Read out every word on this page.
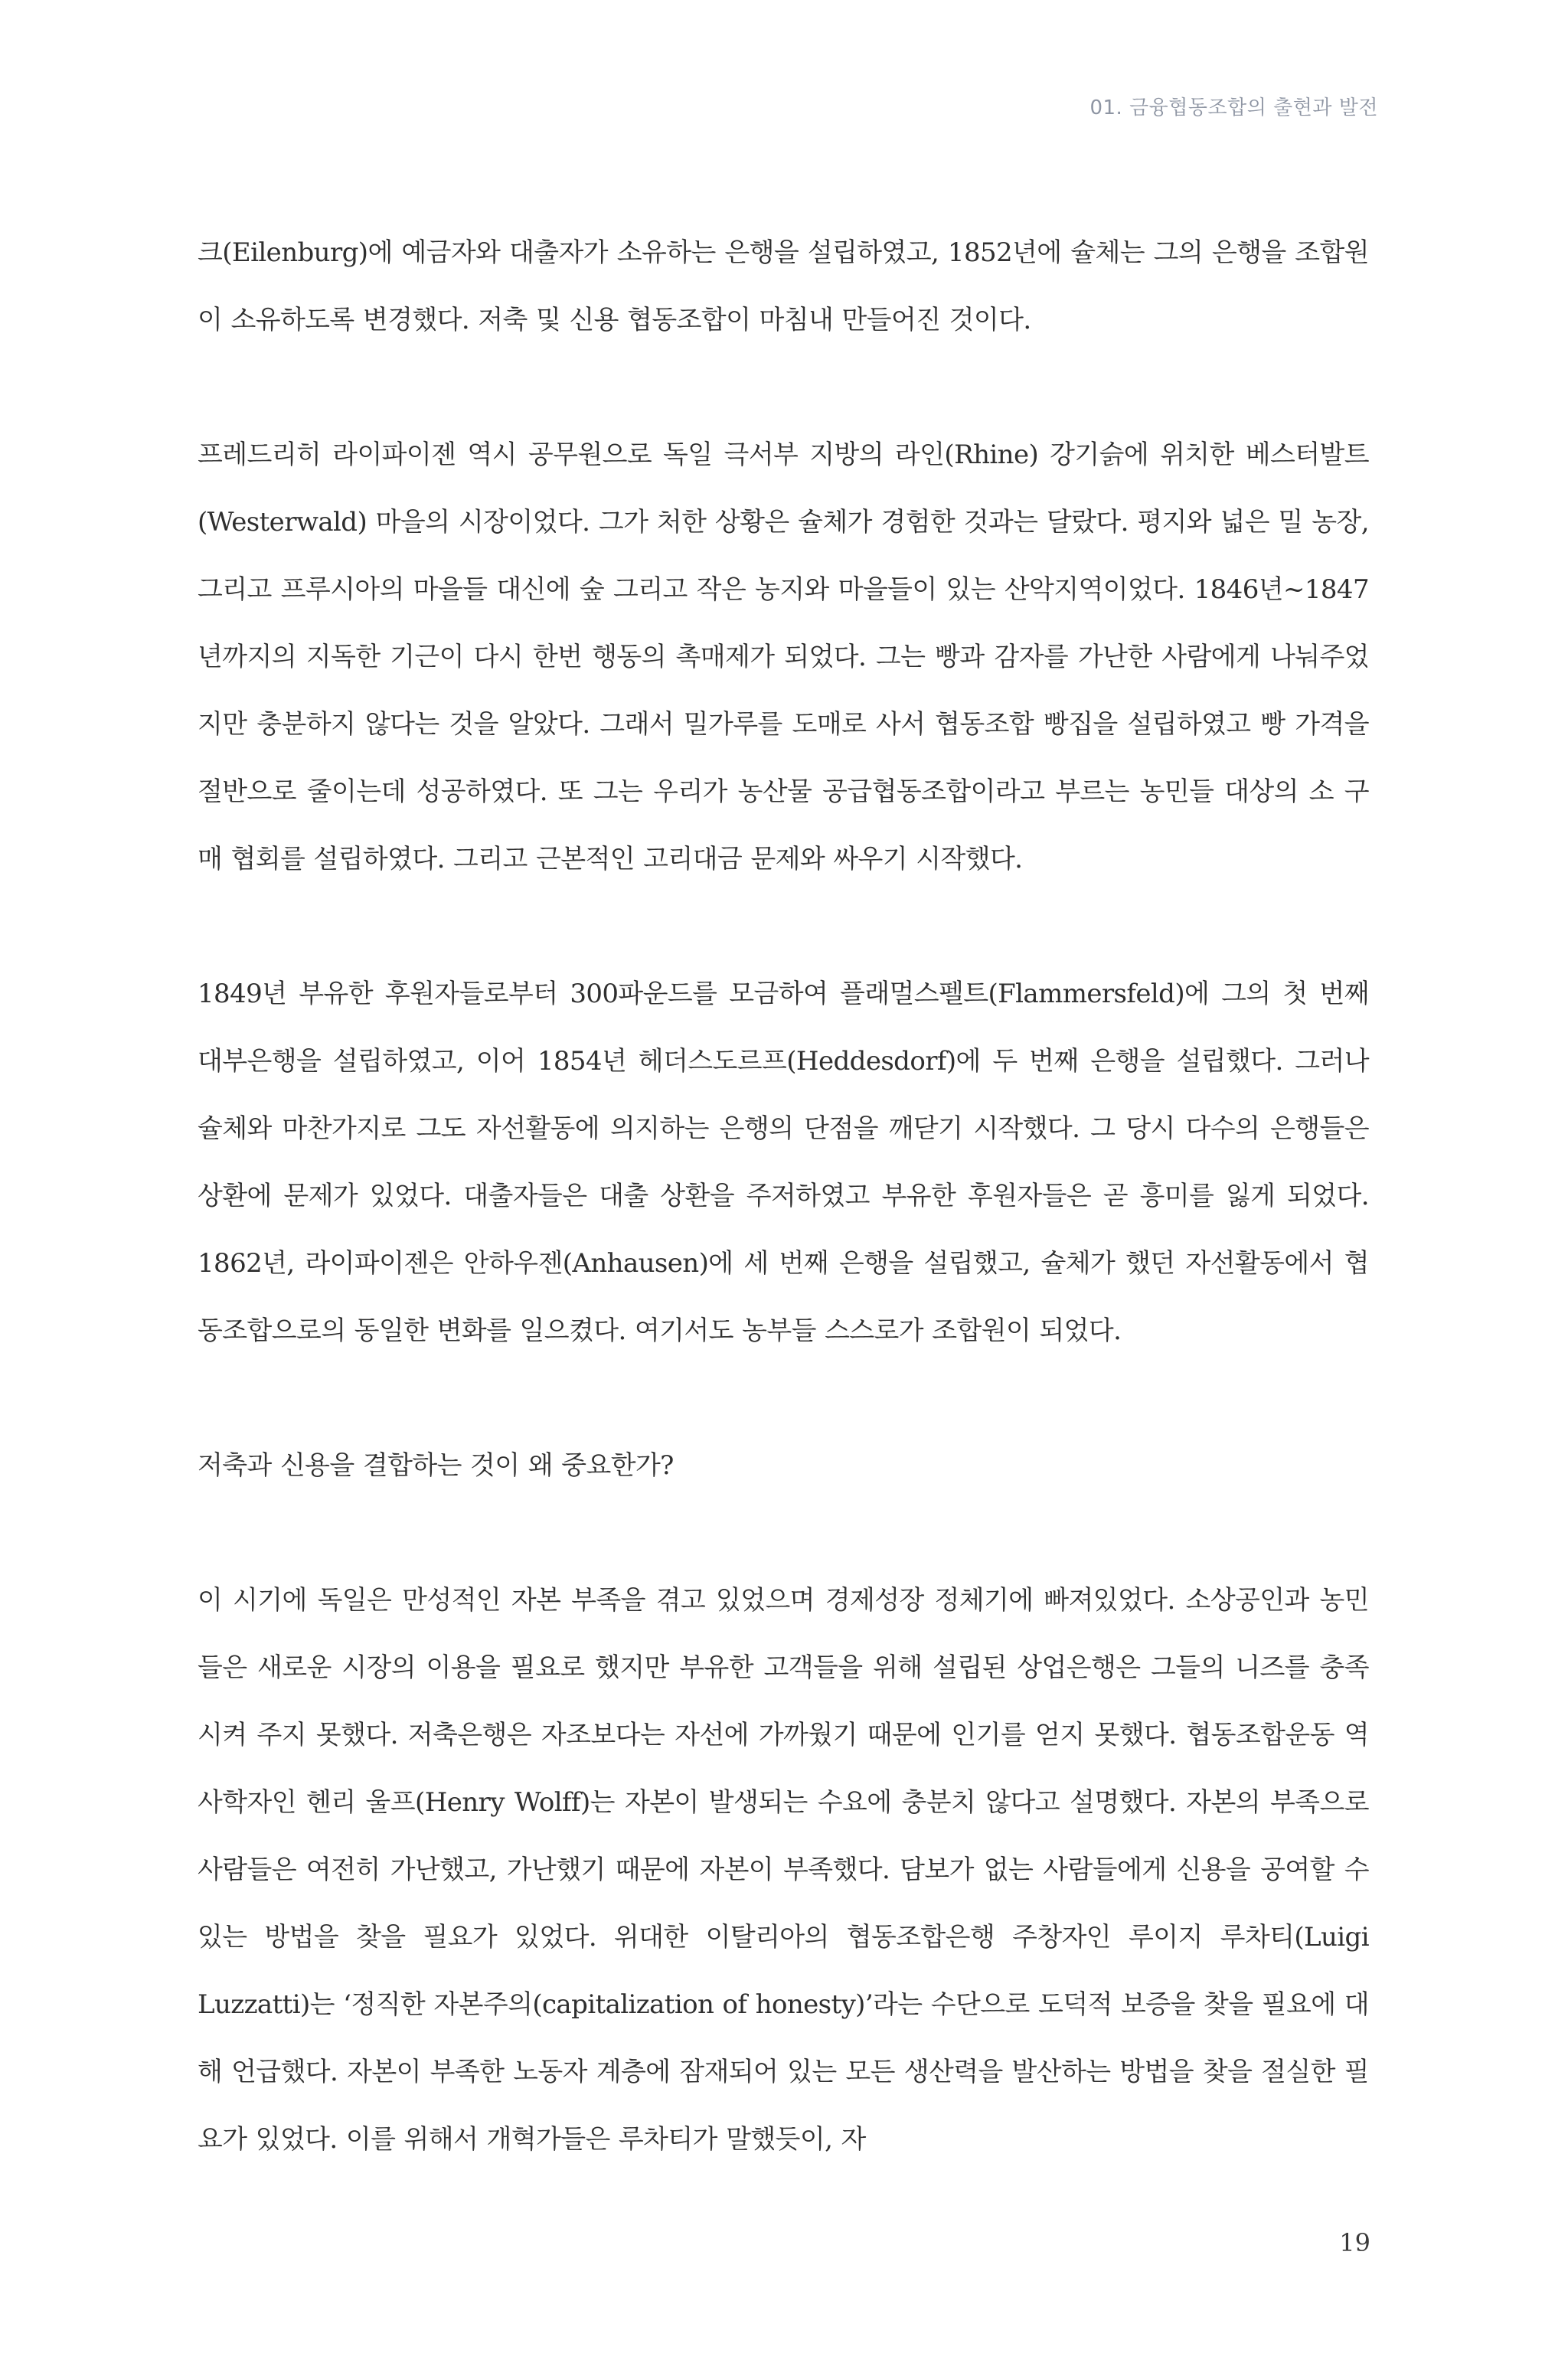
01. 금융협동조합의 출현과 발전

크(Eilenburg)에 예금자와 대출자가 소유하는 은행을 설립하였고, 1852년에 슐체는 그의 은행을 조합원이 소유하도록 변경했다. 저축 및 신용 협동조합이 마침내 만들어진 것이다.

프레드리히 라이파이젠 역시 공무원으로 독일 극서부 지방의 라인(Rhine) 강기슭에 위치한 베스터발트(Westerwald) 마을의 시장이었다. 그가 처한 상황은 슐체가 경험한 것과는 달랐다. 평지와 넓은 밀 농장, 그리고 프루시아의 마을들 대신에 숲 그리고 작은 농지와 마을들이 있는 산악지역이었다. 1846년~1847년까지의 지독한 기근이 다시 한번 행동의 촉매제가 되었다. 그는 빵과 감자를 가난한 사람에게 나눠주었지만 충분하지 않다는 것을 알았다. 그래서 밀가루를 도매로 사서 협동조합 빵집을 설립하였고 빵 가격을 절반으로 줄이는데 성공하였다. 또 그는 우리가 농산물 공급협동조합이라고 부르는 농민들 대상의 소 구매 협회를 설립하였다. 그리고 근본적인 고리대금 문제와 싸우기 시작했다.

1849년 부유한 후원자들로부터 300파운드를 모금하여 플래멀스펠트(Flammersfeld)에 그의 첫 번째 대부은행을 설립하였고, 이어 1854년 헤더스도르프(Heddesdorf)에 두 번째 은행을 설립했다. 그러나 슐체와 마찬가지로 그도 자선활동에 의지하는 은행의 단점을 깨닫기 시작했다. 그 당시 다수의 은행들은 상환에 문제가 있었다. 대출자들은 대출 상환을 주저하였고 부유한 후원자들은 곧 흥미를 잃게 되었다. 1862년, 라이파이젠은 안하우젠(Anhausen)에 세 번째 은행을 설립했고, 슐체가 했던 자선활동에서 협동조합으로의 동일한 변화를 일으켰다. 여기서도 농부들 스스로가 조합원이 되었다.

저축과 신용을 결합하는 것이 왜 중요한가?

이 시기에 독일은 만성적인 자본 부족을 겪고 있었으며 경제성장 정체기에 빠져있었다. 소상공인과 농민들은 새로운 시장의 이용을 필요로 했지만 부유한 고객들을 위해 설립된 상업은행은 그들의 니즈를 충족시켜 주지 못했다. 저축은행은 자조보다는 자선에 가까웠기 때문에 인기를 얻지 못했다. 협동조합운동 역사학자인 헨리 울프(Henry Wolff)는 자본이 발생되는 수요에 충분치 않다고 설명했다. 자본의 부족으로 사람들은 여전히 가난했고, 가난했기 때문에 자본이 부족했다. 담보가 없는 사람들에게 신용을 공여할 수 있는 방법을 찾을 필요가 있었다. 위대한 이탈리아의 협동조합은행 주창자인 루이지 루차티(Luigi Luzzatti)는 ‘정직한 자본주의(capitalization of honesty)’라는 수단으로 도덕적 보증을 찾을 필요에 대해 언급했다. 자본이 부족한 노동자 계층에 잠재되어 있는 모든 생산력을 발산하는 방법을 찾을 절실한 필요가 있었다. 이를 위해서 개혁가들은 루차티가 말했듯이, 자

19
